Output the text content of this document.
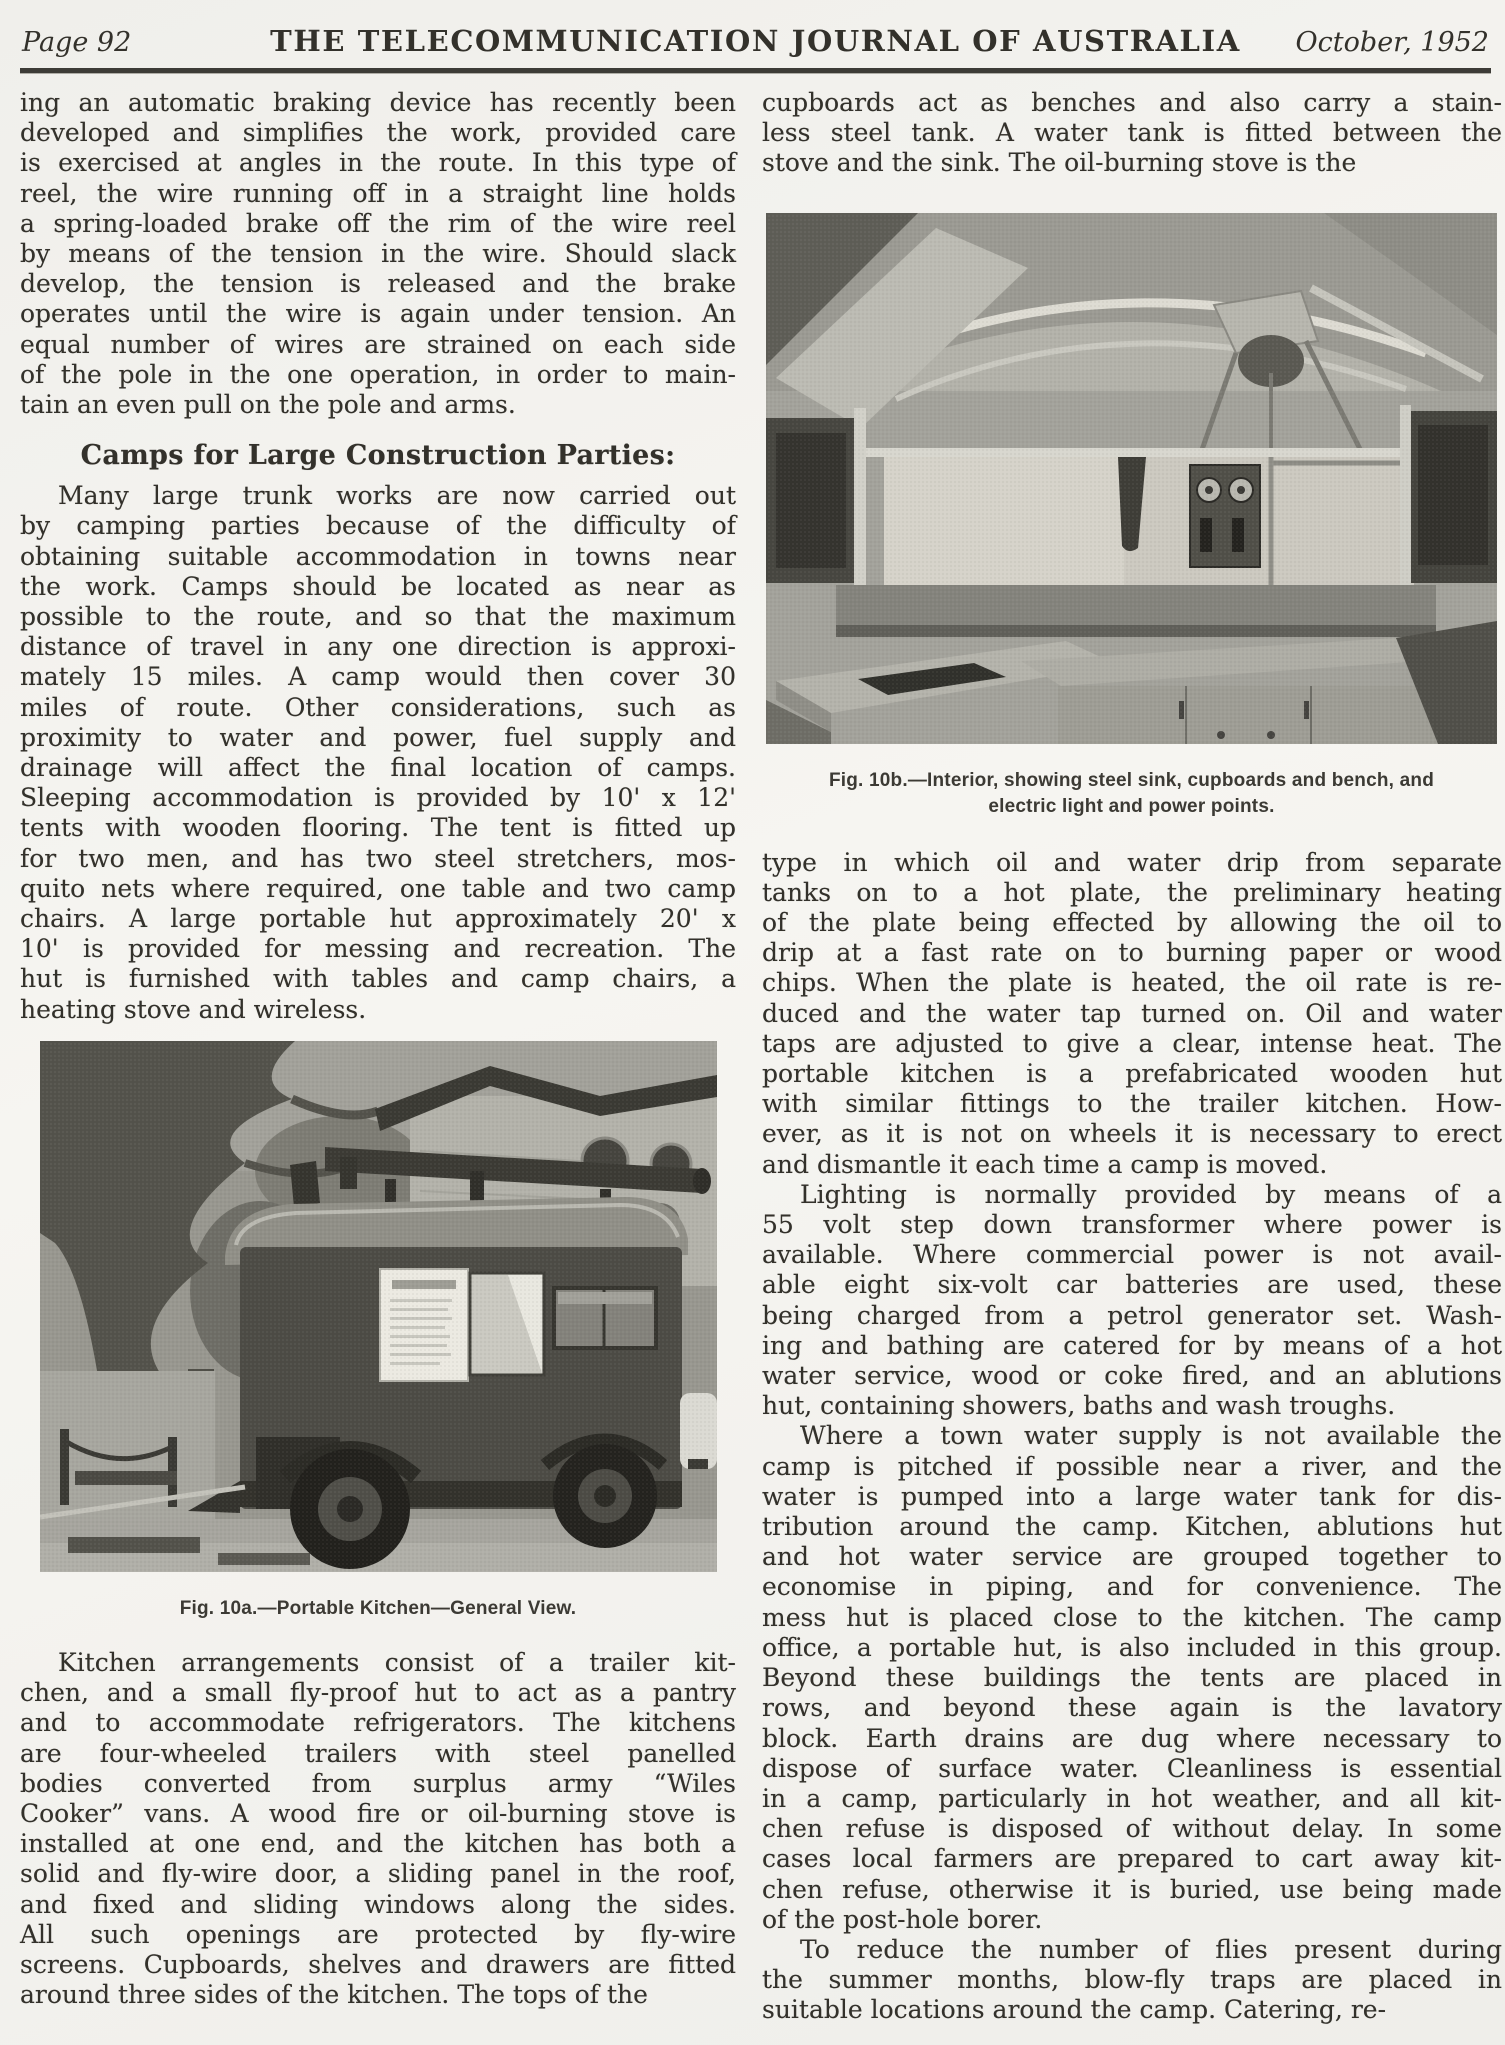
Page 92	THE TELECOMMUNICATION JOURNAL OF AUSTRALIA	October, 1952

ing an automatic braking device has recently been
developed and simplifies the work, provided care
is exercised at angles in the route. In this type of
reel, the wire running off in a straight line holds
a spring-loaded brake off the rim of the wire reel
by means of the tension in the wire. Should slack
develop, the tension is released and the brake
operates until the wire is again under tension. An
equal number of wires are strained on each side
of the pole in the one operation, in order to main-
tain an even pull on the pole and arms.

Camps for Large Construction Parties:

Many large trunk works are now carried out
by camping parties because of the difficulty of
obtaining suitable accommodation in towns near
the work. Camps should be located as near as
possible to the route, and so that the maximum
distance of travel in any one direction is approxi-
mately 15 miles. A camp would then cover 30
miles of route. Other considerations, such as
proximity to water and power, fuel supply and
drainage will affect the final location of camps.
Sleeping accommodation is provided by 10' x 12'
tents with wooden flooring. The tent is fitted up
for two men, and has two steel stretchers, mos-
quito nets where required, one table and two camp
chairs. A large portable hut approximately 20' x
10' is provided for messing and recreation. The
hut is furnished with tables and camp chairs, a
heating stove and wireless.

Fig. 10a.—Portable Kitchen—General View.

Kitchen arrangements consist of a trailer kit-
chen, and a small fly-proof hut to act as a pantry
and to accommodate refrigerators. The kitchens
are four-wheeled trailers with steel panelled
bodies converted from surplus army “Wiles
Cooker” vans. A wood fire or oil-burning stove is
installed at one end, and the kitchen has both a
solid and fly-wire door, a sliding panel in the roof,
and fixed and sliding windows along the sides.
All such openings are protected by fly-wire
screens. Cupboards, shelves and drawers are fitted
around three sides of the kitchen. The tops of the

cupboards act as benches and also carry a stain-
less steel tank. A water tank is fitted between the
stove and the sink. The oil-burning stove is the

Fig. 10b.—Interior, showing steel sink, cupboards and bench, and
electric light and power points.

type in which oil and water drip from separate
tanks on to a hot plate, the preliminary heating
of the plate being effected by allowing the oil to
drip at a fast rate on to burning paper or wood
chips. When the plate is heated, the oil rate is re-
duced and the water tap turned on. Oil and water
taps are adjusted to give a clear, intense heat. The
portable kitchen is a prefabricated wooden hut
with similar fittings to the trailer kitchen. How-
ever, as it is not on wheels it is necessary to erect
and dismantle it each time a camp is moved.

Lighting is normally provided by means of a
55 volt step down transformer where power is
available. Where commercial power is not avail-
able eight six-volt car batteries are used, these
being charged from a petrol generator set. Wash-
ing and bathing are catered for by means of a hot
water service, wood or coke fired, and an ablutions
hut, containing showers, baths and wash troughs.

Where a town water supply is not available the
camp is pitched if possible near a river, and the
water is pumped into a large water tank for dis-
tribution around the camp. Kitchen, ablutions hut
and hot water service are grouped together to
economise in piping, and for convenience. The
mess hut is placed close to the kitchen. The camp
office, a portable hut, is also included in this group.
Beyond these buildings the tents are placed in
rows, and beyond these again is the lavatory
block. Earth drains are dug where necessary to
dispose of surface water. Cleanliness is essential
in a camp, particularly in hot weather, and all kit-
chen refuse is disposed of without delay. In some
cases local farmers are prepared to cart away kit-
chen refuse, otherwise it is buried, use being made
of the post-hole borer.

To reduce the number of flies present during
the summer months, blow-fly traps are placed in
suitable locations around the camp. Catering, re-
